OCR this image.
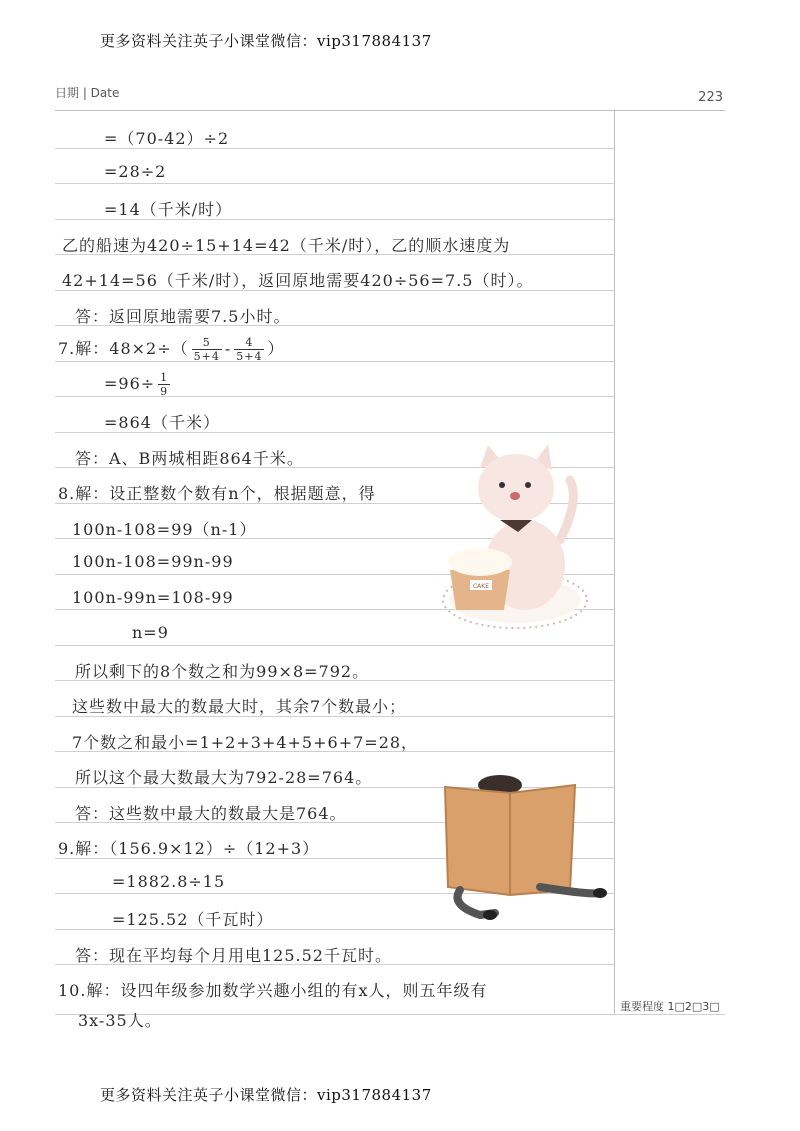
更多资料关注英子小课堂微信：vip317884137
日期 | Date	223
=（70-42）÷2
=28÷2
=14（千米/时）
乙的船速为420÷15+14=42（千米/时），乙的顺水速度为
42+14=56（千米/时），返回原地需要420÷56=7.5（时）。
答：返回原地需要7.5小时。
7.解：$48\times 2\div( \frac{5}{5+4} - \frac{4}{5+4}$ ）
$=96\div \frac{1}{9}$
=864（千米）
答：A、B两城相距864千米。
8.解：设正整数个数有n个，根据题意，得
100n-108=99（n-1）
100n-108=99n-99
100n-99n=108-99
n=9
所以剩下的8个数之和为99×8=792。
这些数中最大的数最大时，其余7个数最小；
7个数之和最小=1+2+3+4+5+6+7=28，
所以这个最大数最大为792-28=764。
答：这些数中最大的数最大是764。
9.解：（156.9×12）÷（12+3）
=1882.8÷15
=125.52（千瓦时）
答：现在平均每个月用电125.52千瓦时。
10.解：设四年级参加数学兴趣小组的有x人，则五年级有
3x-35人。
重要程度 1□2□3□
CAKE
更多资料关注英子小课堂微信：vip317884137
